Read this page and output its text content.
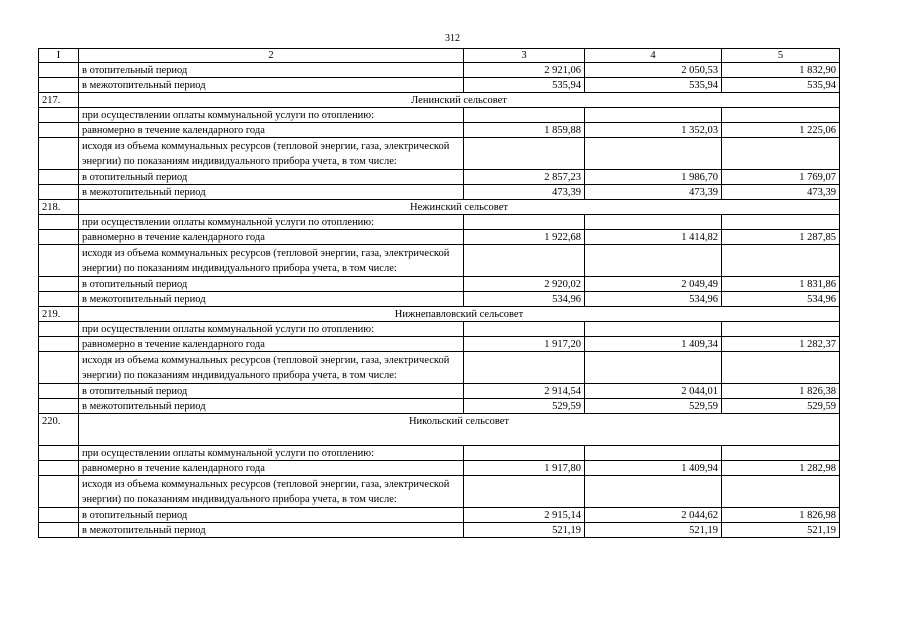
312
I	2	3	4	5
	в отопительный период	2 921,06	2 050,53	1 832,90
	в межотопительный период	535,94	535,94	535,94
217.	Ленинский сельсовет			
	при осуществлении оплаты коммунальной услуги по отоплению:			
	равномерно в течение календарного года	1 859,88	1 352,03	1 225,06
	исходя из объема коммунальных ресурсов (тепловой энергии, газа, электрической энергии) по показаниям индивидуального прибора учета, в том числе:			
	в отопительный период	2 857,23	1 986,70	1 769,07
	в межотопительный период	473,39	473,39	473,39
218.	Нежинский сельсовет			
	при осуществлении оплаты коммунальной услуги по отоплению:			
	равномерно в течение календарного года	1 922,68	1 414,82	1 287,85
	исходя из объема коммунальных ресурсов (тепловой энергии, газа, электрической энергии) по показаниям индивидуального прибора учета, в том числе:			
	в отопительный период	2 920,02	2 049,49	1 831,86
	в межотопительный период	534,96	534,96	534,96
219.	Нижнепавловский сельсовет			
	при осуществлении оплаты коммунальной услуги по отоплению:			
	равномерно в течение календарного года	1 917,20	1 409,34	1 282,37
	исходя из объема коммунальных ресурсов (тепловой энергии, газа, электрической энергии) по показаниям индивидуального прибора учета, в том числе:			
	в отопительный период	2 914,54	2 044,01	1 826,38
	в межотопительный период	529,59	529,59	529,59
220.	Никольский сельсовет			
	при осуществлении оплаты коммунальной услуги по отоплению:			
	равномерно в течение календарного года	1 917,80	1 409,94	1 282,98
	исходя из объема коммунальных ресурсов (тепловой энергии, газа, электрической энергии) по показаниям индивидуального прибора учета, в том числе:			
	в отопительный период	2 915,14	2 044,62	1 826,98
	в межотопительный период	521,19	521,19	521,19
